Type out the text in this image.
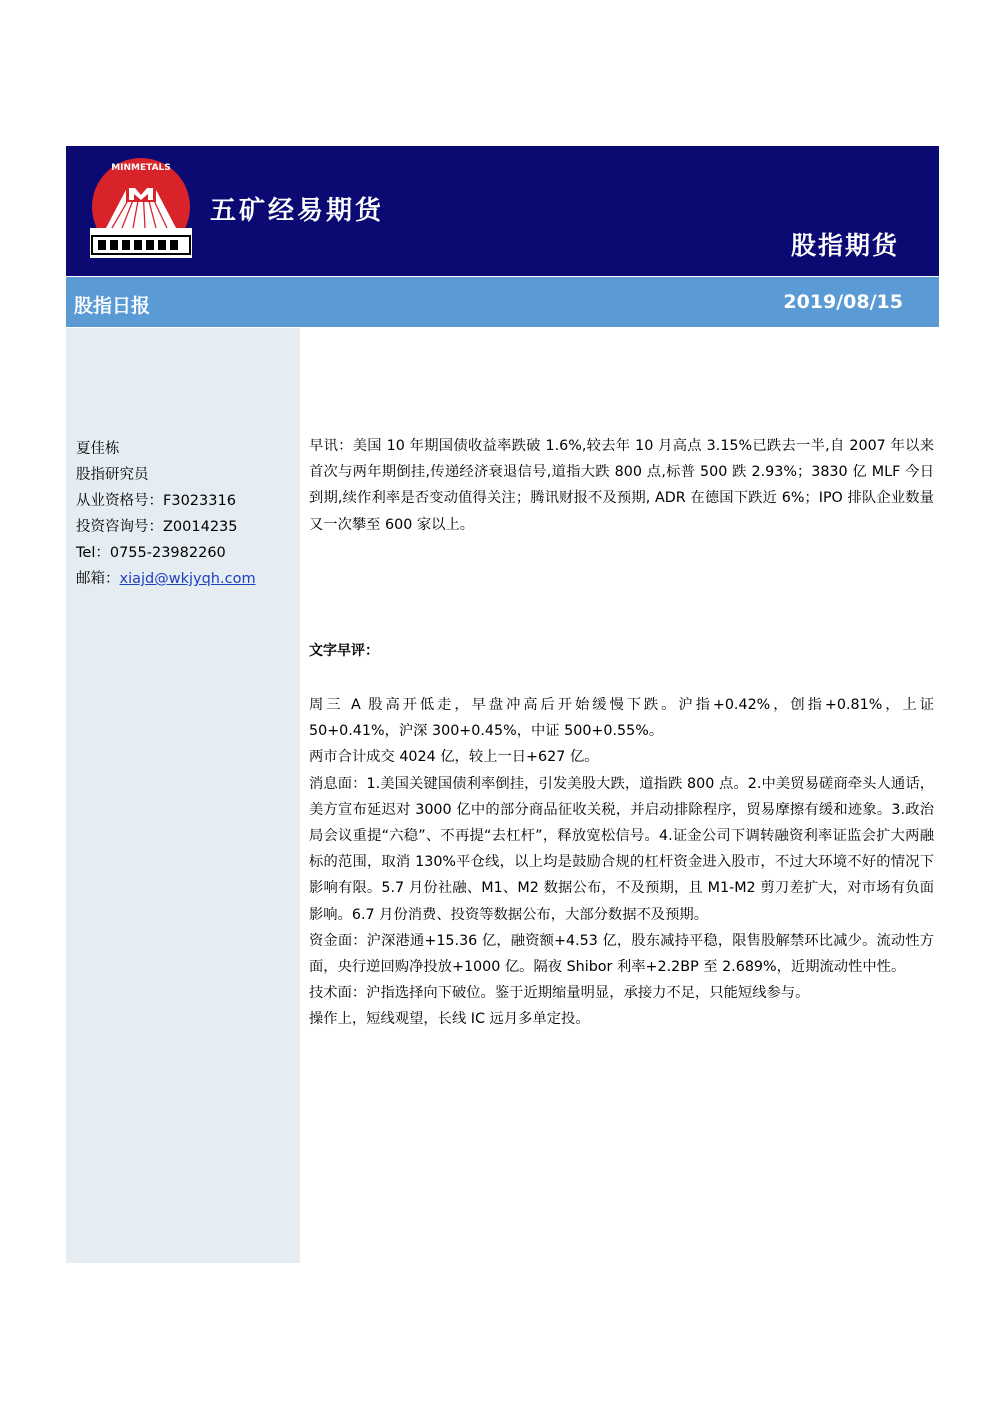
MINMETALS
五矿经易期货
股指期货
股指日报	2019/08/15
夏佳栋
股指研究员
从业资格号：F3023316
投资咨询号：Z0014235
Tel：0755-23982260
邮箱：xiajd@wkjyqh.com

早讯：美国 10 年期国债收益率跌破 1.6%,较去年 10 月高点 3.15%已跌去一半,自 2007 年以来首次与两年期倒挂,传递经济衰退信号,道指大跌 800 点,标普 500 跌 2.93%；3830 亿 MLF 今日到期,续作利率是否变动值得关注；腾讯财报不及预期, ADR 在德国下跌近 6%；IPO 排队企业数量又一次攀至 600 家以上。

文字早评：

周三 A 股高开低走，早盘冲高后开始缓慢下跌。沪指+0.42%，创指+0.81%，上证 50+0.41%，沪深 300+0.45%，中证 500+0.55%。

两市合计成交 4024 亿，较上一日+627 亿。

消息面：1.美国关键国债利率倒挂，引发美股大跌，道指跌 800 点。2.中美贸易磋商牵头人通话，美方宣布延迟对 3000 亿中的部分商品征收关税，并启动排除程序，贸易摩擦有缓和迹象。3.政治局会议重提“六稳”、不再提“去杠杆”，释放宽松信号。4.证金公司下调转融资利率证监会扩大两融标的范围，取消 130%平仓线，以上均是鼓励合规的杠杆资金进入股市，不过大环境不好的情况下影响有限。5.7 月份社融、M1、M2 数据公布，不及预期，且 M1-M2 剪刀差扩大，对市场有负面影响。6.7 月份消费、投资等数据公布，大部分数据不及预期。

资金面：沪深港通+15.36 亿，融资额+4.53 亿，股东减持平稳，限售股解禁环比减少。流动性方面，央行逆回购净投放+1000 亿。隔夜 Shibor 利率+2.2BP 至 2.689%，近期流动性中性。

技术面：沪指选择向下破位。鉴于近期缩量明显，承接力不足，只能短线参与。

操作上，短线观望，长线 IC 远月多单定投。
